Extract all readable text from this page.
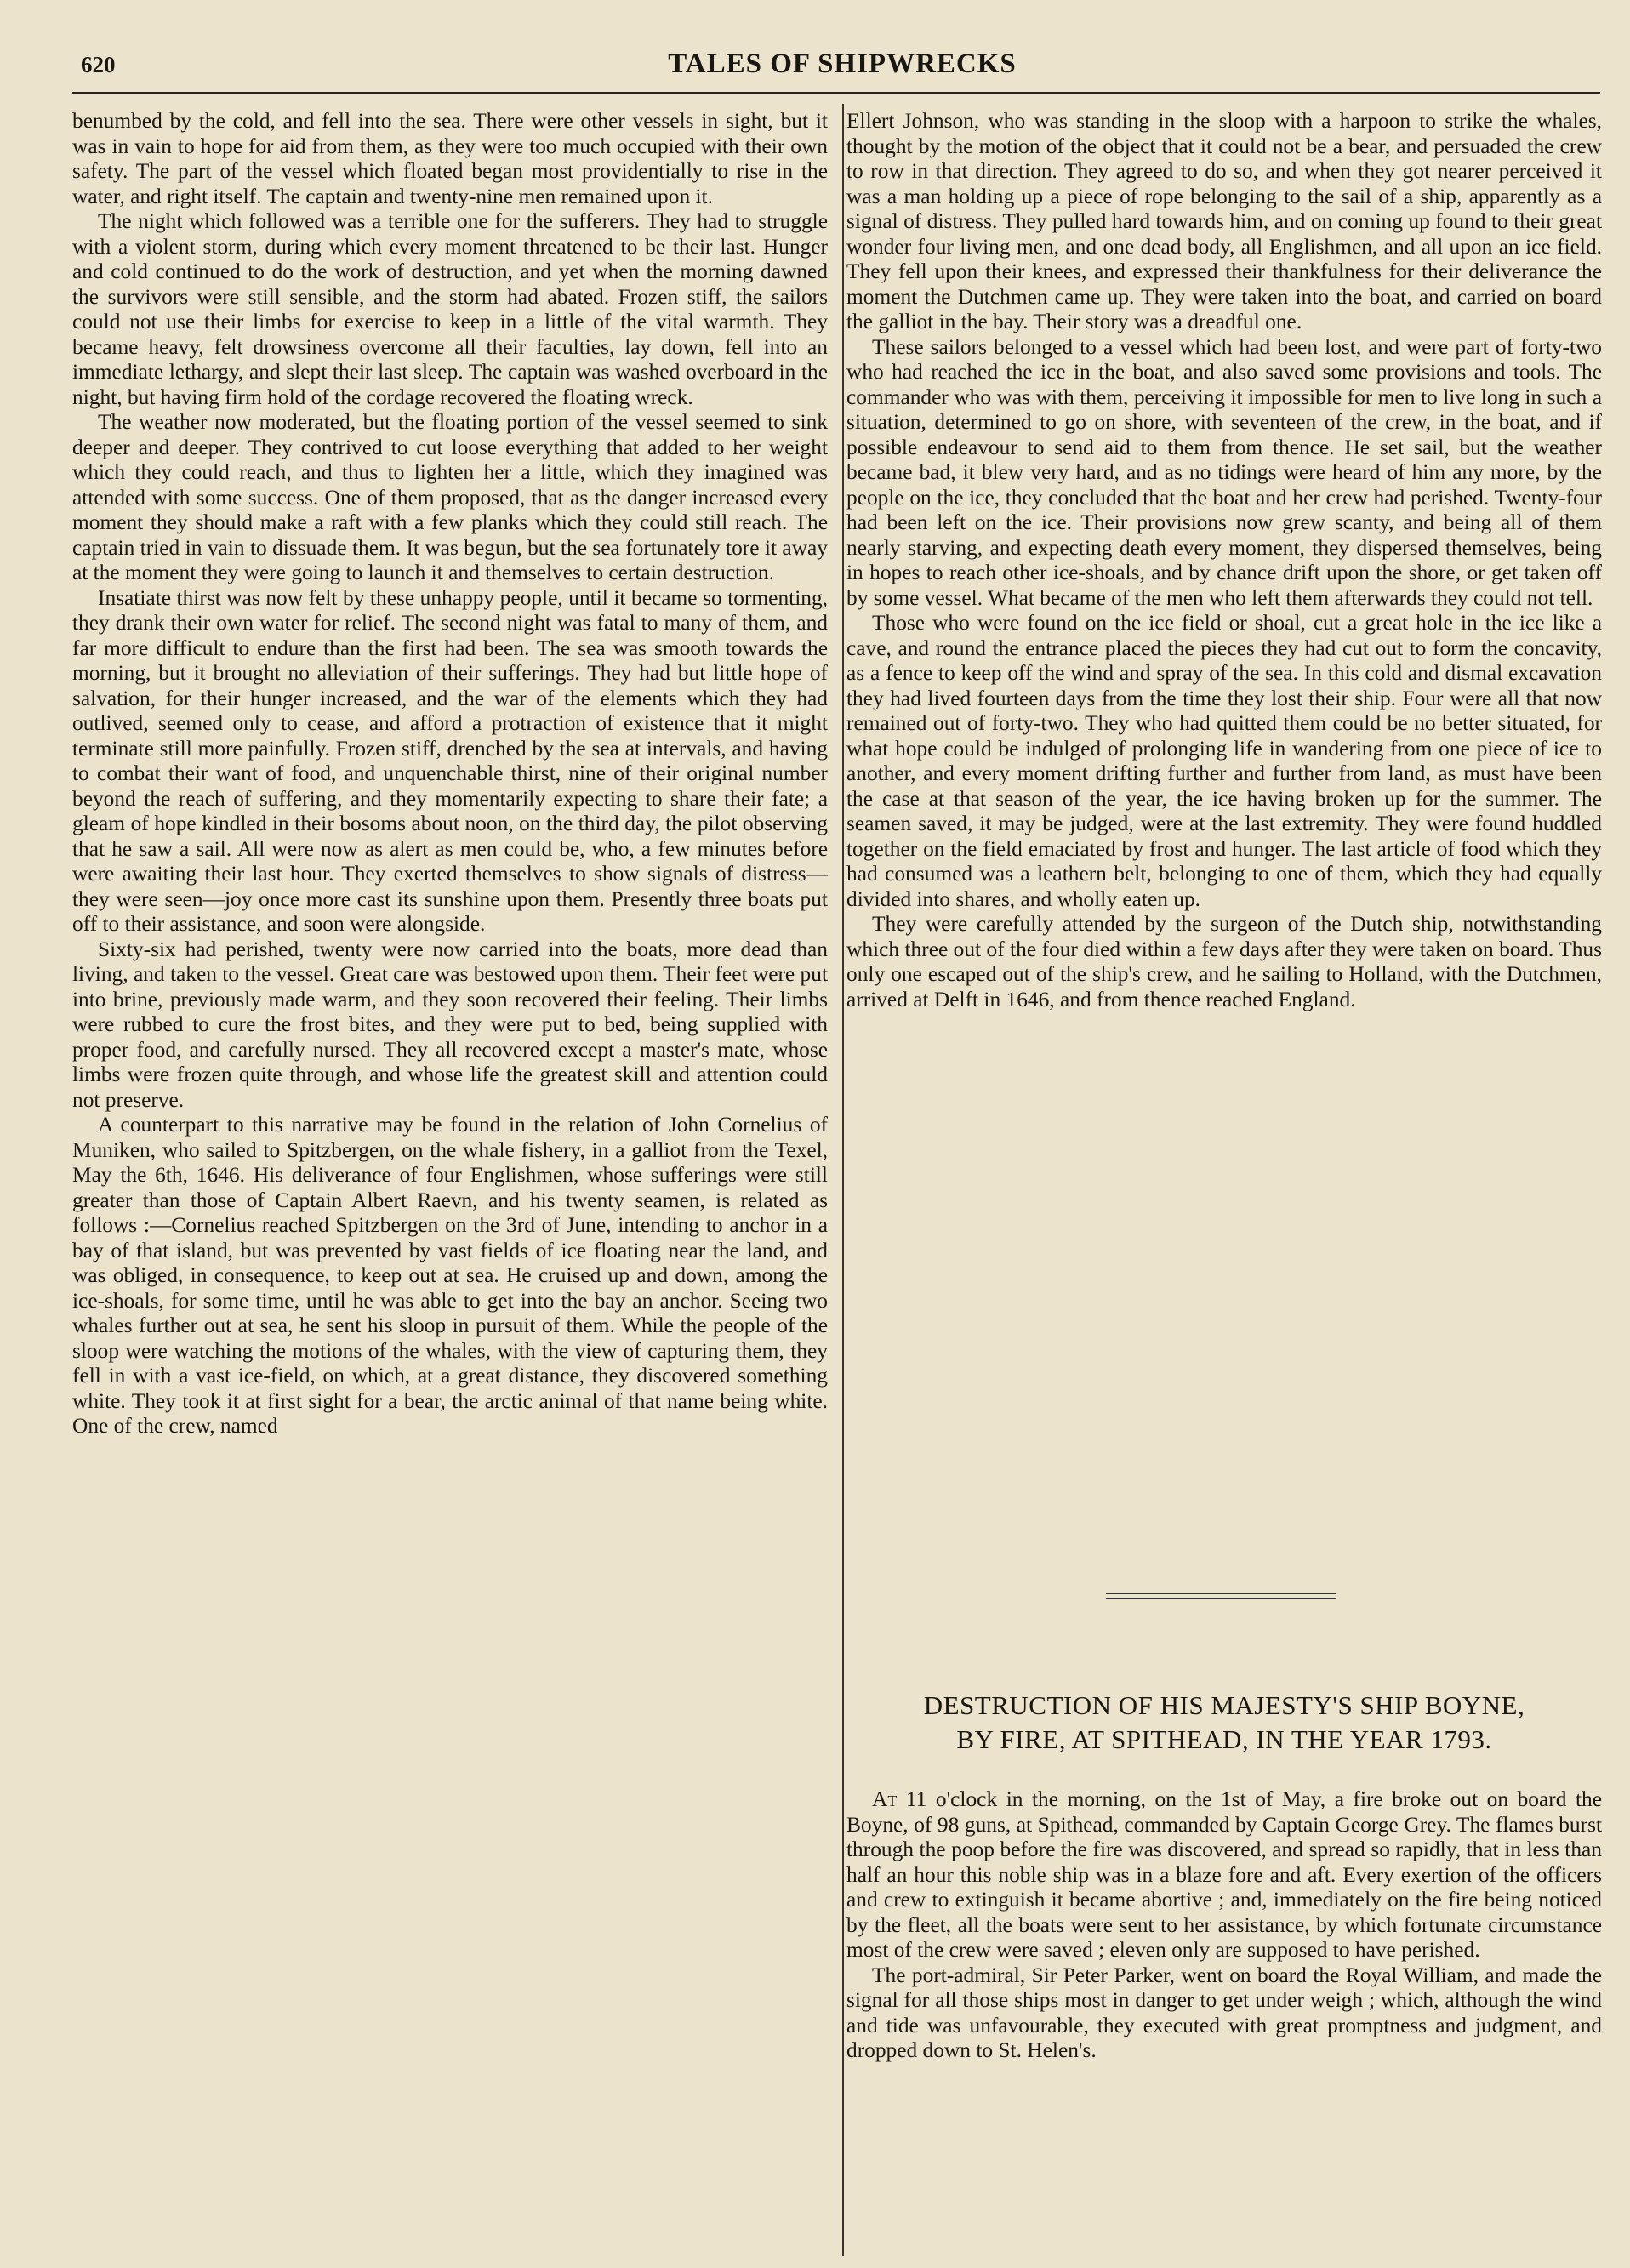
620	TALES OF SHIPWRECKS

benumbed by the cold, and fell into the sea. There were other vessels in sight, but it was in vain to hope for aid from them, as they were too much occupied with their own safety. The part of the vessel which floated began most providentially to rise in the water, and right itself. The captain and twenty-nine men remained upon it.

The night which followed was a terrible one for the sufferers. They had to struggle with a violent storm, during which every moment threatened to be their last. Hunger and cold continued to do the work of destruction, and yet when the morning dawned the survivors were still sensible, and the storm had abated. Frozen stiff, the sailors could not use their limbs for exercise to keep in a little of the vital warmth. They became heavy, felt drowsiness overcome all their faculties, lay down, fell into an immediate lethargy, and slept their last sleep. The captain was washed overboard in the night, but having firm hold of the cordage recovered the floating wreck.

The weather now moderated, but the floating portion of the vessel seemed to sink deeper and deeper. They contrived to cut loose everything that added to her weight which they could reach, and thus to lighten her a little, which they imagined was attended with some success. One of them proposed, that as the danger increased every moment they should make a raft with a few planks which they could still reach. The captain tried in vain to dissuade them. It was begun, but the sea fortunately tore it away at the moment they were going to launch it and themselves to certain destruction.

Insatiate thirst was now felt by these unhappy people, until it became so tormenting, they drank their own water for relief. The second night was fatal to many of them, and far more difficult to endure than the first had been. The sea was smooth towards the morning, but it brought no alleviation of their sufferings. They had but little hope of salvation, for their hunger increased, and the war of the elements which they had outlived, seemed only to cease, and afford a protraction of existence that it might terminate still more painfully. Frozen stiff, drenched by the sea at intervals, and having to combat their want of food, and unquenchable thirst, nine of their original number beyond the reach of suffering, and they momentarily expecting to share their fate; a gleam of hope kindled in their bosoms about noon, on the third day, the pilot observing that he saw a sail. All were now as alert as men could be, who, a few minutes before were awaiting their last hour. They exerted themselves to show signals of distress—they were seen—joy once more cast its sunshine upon them. Presently three boats put off to their assistance, and soon were alongside.

Sixty-six had perished, twenty were now carried into the boats, more dead than living, and taken to the vessel. Great care was bestowed upon them. Their feet were put into brine, previously made warm, and they soon recovered their feeling. Their limbs were rubbed to cure the frost bites, and they were put to bed, being supplied with proper food, and carefully nursed. They all recovered except a master's mate, whose limbs were frozen quite through, and whose life the greatest skill and attention could not preserve.

A counterpart to this narrative may be found in the relation of John Cornelius of Muniken, who sailed to Spitzbergen, on the whale fishery, in a galliot from the Texel, May the 6th, 1646. His deliverance of four Englishmen, whose sufferings were still greater than those of Captain Albert Raevn, and his twenty seamen, is related as follows :—Cornelius reached Spitzbergen on the 3rd of June, intending to anchor in a bay of that island, but was prevented by vast fields of ice floating near the land, and was obliged, in consequence, to keep out at sea. He cruised up and down, among the ice-shoals, for some time, until he was able to get into the bay an anchor. Seeing two whales further out at sea, he sent his sloop in pursuit of them. While the people of the sloop were watching the motions of the whales, with the view of capturing them, they fell in with a vast ice-field, on which, at a great distance, they discovered something white. They took it at first sight for a bear, the arctic animal of that name being white. One of the crew, named

Ellert Johnson, who was standing in the sloop with a harpoon to strike the whales, thought by the motion of the object that it could not be a bear, and persuaded the crew to row in that direction. They agreed to do so, and when they got nearer perceived it was a man holding up a piece of rope belonging to the sail of a ship, apparently as a signal of distress. They pulled hard towards him, and on coming up found to their great wonder four living men, and one dead body, all Englishmen, and all upon an ice field. They fell upon their knees, and expressed their thankfulness for their deliverance the moment the Dutchmen came up. They were taken into the boat, and carried on board the galliot in the bay. Their story was a dreadful one.

These sailors belonged to a vessel which had been lost, and were part of forty-two who had reached the ice in the boat, and also saved some provisions and tools. The commander who was with them, perceiving it impossible for men to live long in such a situation, determined to go on shore, with seventeen of the crew, in the boat, and if possible endeavour to send aid to them from thence. He set sail, but the weather became bad, it blew very hard, and as no tidings were heard of him any more, by the people on the ice, they concluded that the boat and her crew had perished. Twenty-four had been left on the ice. Their provisions now grew scanty, and being all of them nearly starving, and expecting death every moment, they dispersed themselves, being in hopes to reach other ice-shoals, and by chance drift upon the shore, or get taken off by some vessel. What became of the men who left them afterwards they could not tell.

Those who were found on the ice field or shoal, cut a great hole in the ice like a cave, and round the entrance placed the pieces they had cut out to form the concavity, as a fence to keep off the wind and spray of the sea. In this cold and dismal excavation they had lived fourteen days from the time they lost their ship. Four were all that now remained out of forty-two. They who had quitted them could be no better situated, for what hope could be indulged of prolonging life in wandering from one piece of ice to another, and every moment drifting further and further from land, as must have been the case at that season of the year, the ice having broken up for the summer. The seamen saved, it may be judged, were at the last extremity. They were found huddled together on the field emaciated by frost and hunger. The last article of food which they had consumed was a leathern belt, belonging to one of them, which they had equally divided into shares, and wholly eaten up.

They were carefully attended by the surgeon of the Dutch ship, notwithstanding which three out of the four died within a few days after they were taken on board. Thus only one escaped out of the ship's crew, and he sailing to Holland, with the Dutchmen, arrived at Delft in 1646, and from thence reached England.

DESTRUCTION OF HIS MAJESTY'S SHIP BOYNE,
BY FIRE, AT SPITHEAD, IN THE YEAR 1793.

At 11 o'clock in the morning, on the 1st of May, a fire broke out on board the Boyne, of 98 guns, at Spithead, commanded by Captain George Grey. The flames burst through the poop before the fire was discovered, and spread so rapidly, that in less than half an hour this noble ship was in a blaze fore and aft. Every exertion of the officers and crew to extinguish it became abortive ; and, immediately on the fire being noticed by the fleet, all the boats were sent to her assistance, by which fortunate circumstance most of the crew were saved ; eleven only are supposed to have perished.

The port-admiral, Sir Peter Parker, went on board the Royal William, and made the signal for all those ships most in danger to get under weigh ; which, although the wind and tide was unfavourable, they executed with great promptness and judgment, and dropped down to St. Helen's.
